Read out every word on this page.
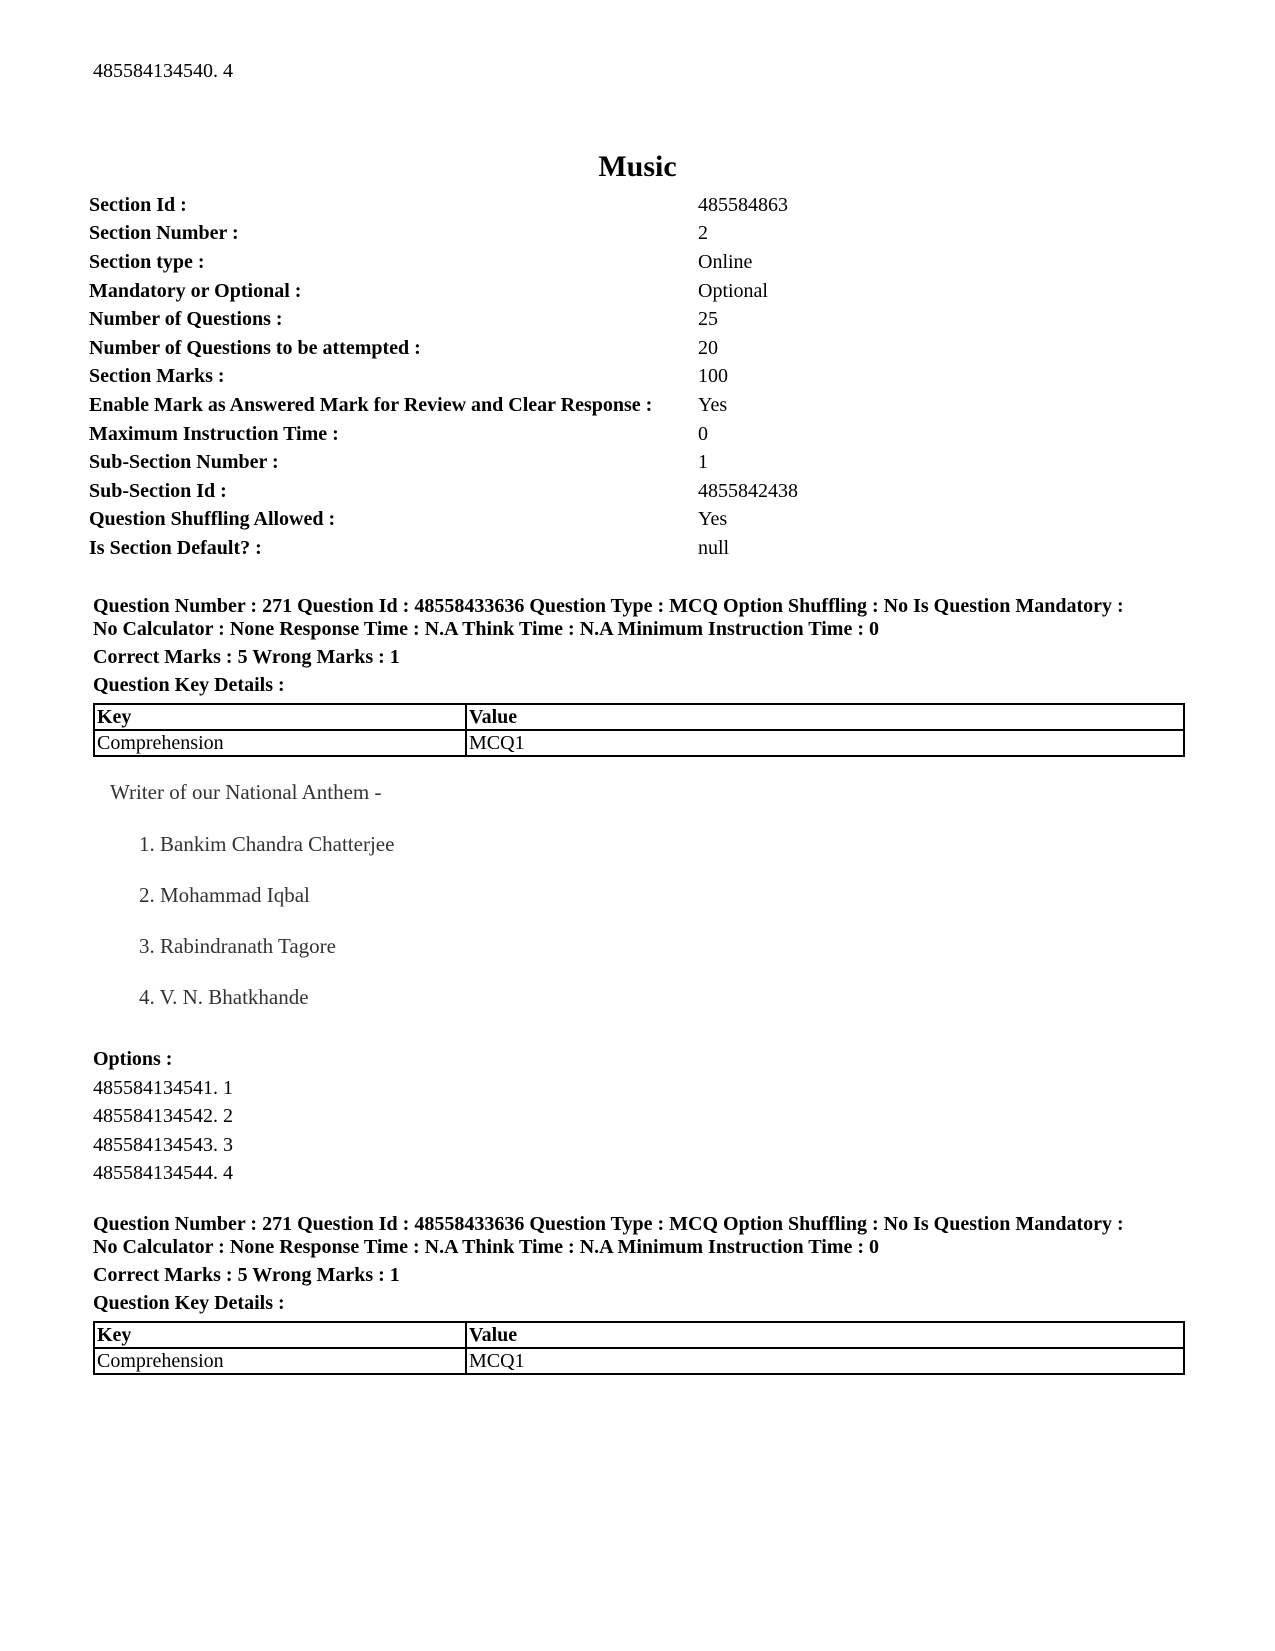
485584134540. 4
Music
Section Id :	485584863
Section Number :	2
Section type :	Online
Mandatory or Optional :	Optional
Number of Questions :	25
Number of Questions to be attempted :	20
Section Marks :	100
Enable Mark as Answered Mark for Review and Clear Response :	Yes
Maximum Instruction Time :	0
Sub-Section Number :	1
Sub-Section Id :	4855842438
Question Shuffling Allowed :	Yes
Is Section Default? :	null
Question Number : 271 Question Id : 48558433636 Question Type : MCQ Option Shuffling : No Is Question Mandatory :
No Calculator : None Response Time : N.A Think Time : N.A Minimum Instruction Time : 0
Correct Marks : 5 Wrong Marks : 1
Question Key Details :
Key	Value
Comprehension	MCQ1
Writer of our National Anthem -
1. Bankim Chandra Chatterjee
2. Mohammad Iqbal
3. Rabindranath Tagore
4. V. N. Bhatkhande
Options :
485584134541. 1
485584134542. 2
485584134543. 3
485584134544. 4
Question Number : 271 Question Id : 48558433636 Question Type : MCQ Option Shuffling : No Is Question Mandatory :
No Calculator : None Response Time : N.A Think Time : N.A Minimum Instruction Time : 0
Correct Marks : 5 Wrong Marks : 1
Question Key Details :
Key	Value
Comprehension	MCQ1
